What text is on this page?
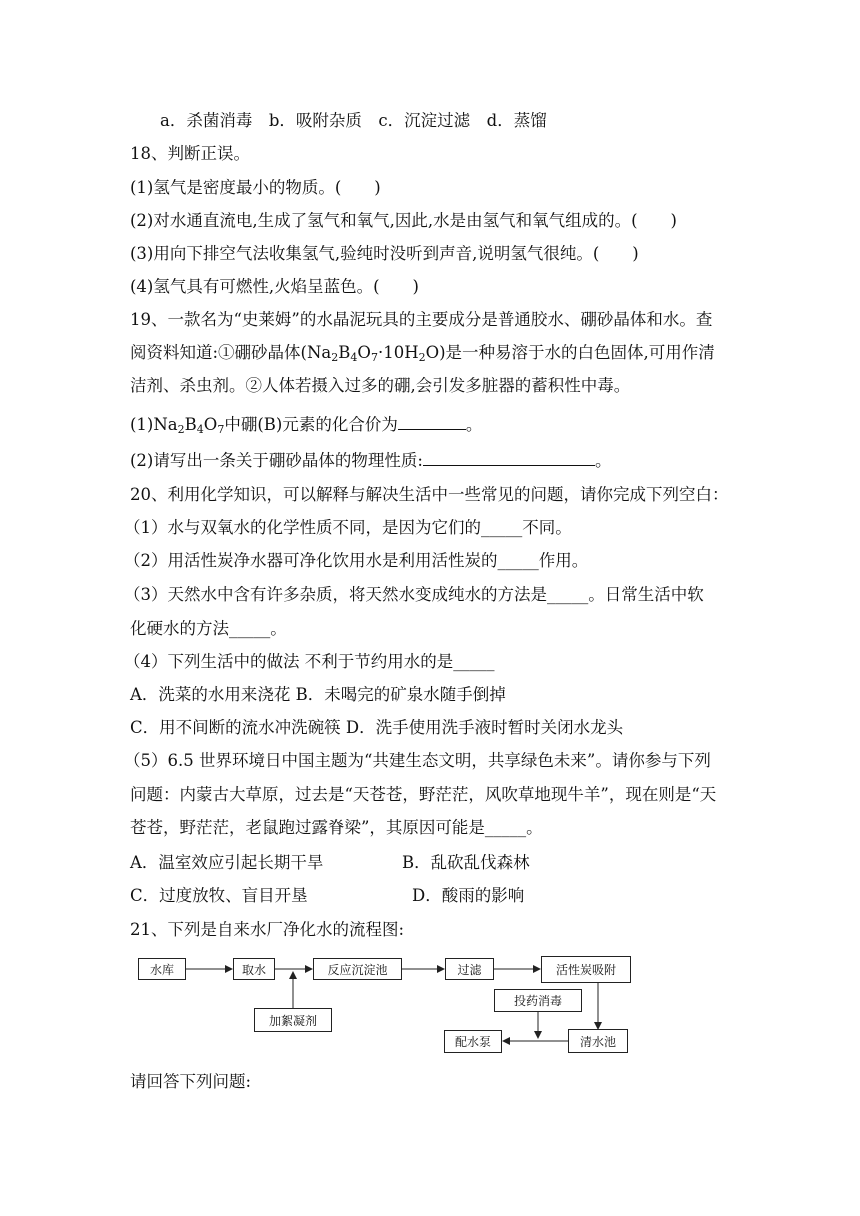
a．杀菌消毒　b．吸附杂质　c．沉淀过滤　d．蒸馏
18、判断正误。
(1)氢气是密度最小的物质。(　　)
(2)对水通直流电,生成了氢气和氧气,因此,水是由氢气和氧气组成的。(　　)
(3)用向下排空气法收集氢气,验纯时没听到声音,说明氢气很纯。(　　)
(4)氢气具有可燃性,火焰呈蓝色。(　　)
19、一款名为“史莱姆”的水晶泥玩具的主要成分是普通胶水、硼砂晶体和水。查
阅资料知道:①硼砂晶体$(Na_2B_4O_7\cdot 10H_2O)$是一种易溶于水的白色固体,可用作清
洁剂、杀虫剂。②人体若摄入过多的硼,会引发多脏器的蓄积性中毒。
$(1)Na_2B_4O_7$中硼(B)元素的化合价为	。
(2)请写出一条关于硼砂晶体的物理性质:	。
20、利用化学知识，可以解释与解决生活中一些常见的问题，请你完成下列空白：
（1）水与双氧水的化学性质不同，是因为它们的_____不同。
（2）用活性炭净水器可净化饮用水是利用活性炭的_____作用。
（3）天然水中含有许多杂质，将天然水变成纯水的方法是_____。日常生活中软
化硬水的方法_____。
（4）下列生活中的做法 不利于节约用水的是_____
A．洗菜的水用来浇花 B．未喝完的矿泉水随手倒掉
C．用不间断的流水冲洗碗筷 D．洗手使用洗手液时暂时关闭水龙头
（5）6.5 世界环境日中国主题为“共建生态文明，共享绿色未来”。请你参与下列
问题：内蒙古大草原，过去是“天苍苍，野茫茫，风吹草地现牛羊”，现在则是“天
苍苍，野茫茫，老鼠跑过露脊梁”，其原因可能是_____。
A．温室效应引起长期干旱	B．乱砍乱伐森林
C．过度放牧、盲目开垦	D．酸雨的影响
21、下列是自来水厂净化水的流程图:
水库	取水	反应沉淀池	过滤	活性炭吸附
加絮凝剂
投药消毒
清水池
配水泵
请回答下列问题:
